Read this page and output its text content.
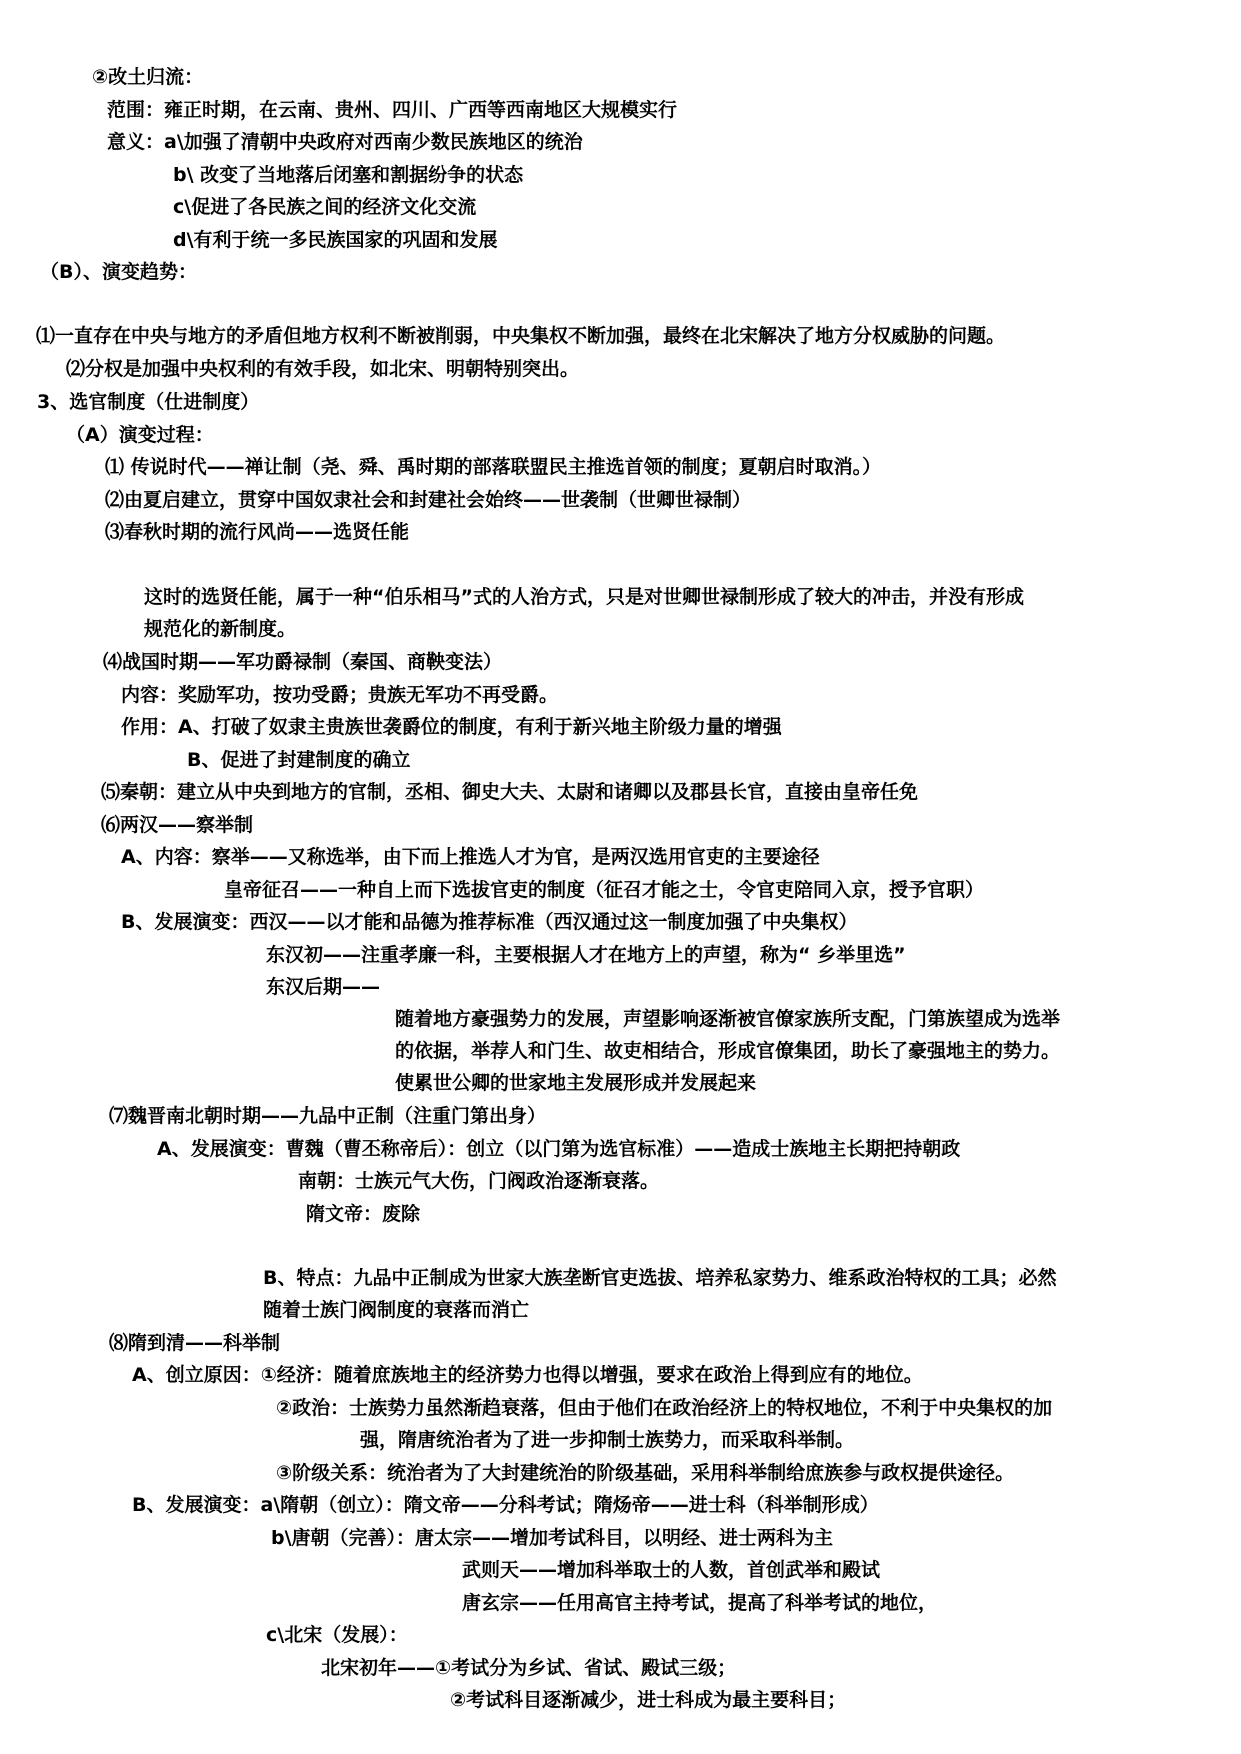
②改土归流：

范围：雍正时期，在云南、贵州、四川、广西等西南地区大规模实行

意义：a\加强了清朝中央政府对西南少数民族地区的统治

b\ 改变了当地落后闭塞和割据纷争的状态

c\促进了各民族之间的经济文化交流

d\有利于统一多民族国家的巩固和发展

（B）、演变趋势：

⑴一直存在中央与地方的矛盾但地方权利不断被削弱，中央集权不断加强，最终在北宋解决了地方分权威胁的问题。

⑵分权是加强中央权利的有效手段，如北宋、明朝特别突出。

3、选官制度（仕进制度）

（A）演变过程：

⑴ 传说时代——禅让制（尧、舜、禹时期的部落联盟民主推选首领的制度；夏朝启时取消。）

⑵由夏启建立，贯穿中国奴隶社会和封建社会始终——世袭制（世卿世禄制）

⑶春秋时期的流行风尚——选贤任能

这时的选贤任能，属于一种“伯乐相马”式的人治方式，只是对世卿世禄制形成了较大的冲击，并没有形成

规范化的新制度。

⑷战国时期——军功爵禄制（秦国、商鞅变法）

内容：奖励军功，按功受爵；贵族无军功不再受爵。

作用：A、打破了奴隶主贵族世袭爵位的制度，有利于新兴地主阶级力量的增强

B、促进了封建制度的确立

⑸秦朝：建立从中央到地方的官制，丞相、御史大夫、太尉和诸卿以及郡县长官，直接由皇帝任免

⑹两汉——察举制

A、内容：察举——又称选举，由下而上推选人才为官，是两汉选用官吏的主要途径

皇帝征召——一种自上而下选拔官吏的制度（征召才能之士，令官吏陪同入京，授予官职）

B、发展演变：西汉——以才能和品德为推荐标准（西汉通过这一制度加强了中央集权）

东汉初——注重孝廉一科，主要根据人才在地方上的声望，称为“ 乡举里选”

东汉后期——

随着地方豪强势力的发展，声望影响逐渐被官僚家族所支配，门第族望成为选举

的依据，举荐人和门生、故吏相结合，形成官僚集团，助长了豪强地主的势力。

使累世公卿的世家地主发展形成并发展起来

⑺魏晋南北朝时期——九品中正制（注重门第出身）

A、发展演变：曹魏（曹丕称帝后）：创立（以门第为选官标准）——造成士族地主长期把持朝政

南朝：士族元气大伤，门阀政治逐渐衰落。

隋文帝：废除

B、特点：九品中正制成为世家大族垄断官吏选拔、培养私家势力、维系政治特权的工具；必然

随着士族门阀制度的衰落而消亡

⑻隋到清——科举制

A、创立原因：①经济：随着庶族地主的经济势力也得以增强，要求在政治上得到应有的地位。

②政治：士族势力虽然渐趋衰落，但由于他们在政治经济上的特权地位，不利于中央集权的加

强，隋唐统治者为了进一步抑制士族势力，而采取科举制。

③阶级关系：统治者为了大封建统治的阶级基础，采用科举制给庶族参与政权提供途径。

B、发展演变：a\隋朝（创立）：隋文帝——分科考试；隋炀帝——进士科（科举制形成）

b\唐朝（完善）：唐太宗——增加考试科目，以明经、进士两科为主

武则天——增加科举取士的人数，首创武举和殿试

唐玄宗——任用高官主持考试，提高了科举考试的地位，

c\北宋（发展）：

北宋初年——①考试分为乡试、省试、殿试三级；

②考试科目逐渐减少，进士科成为最主要科目；
